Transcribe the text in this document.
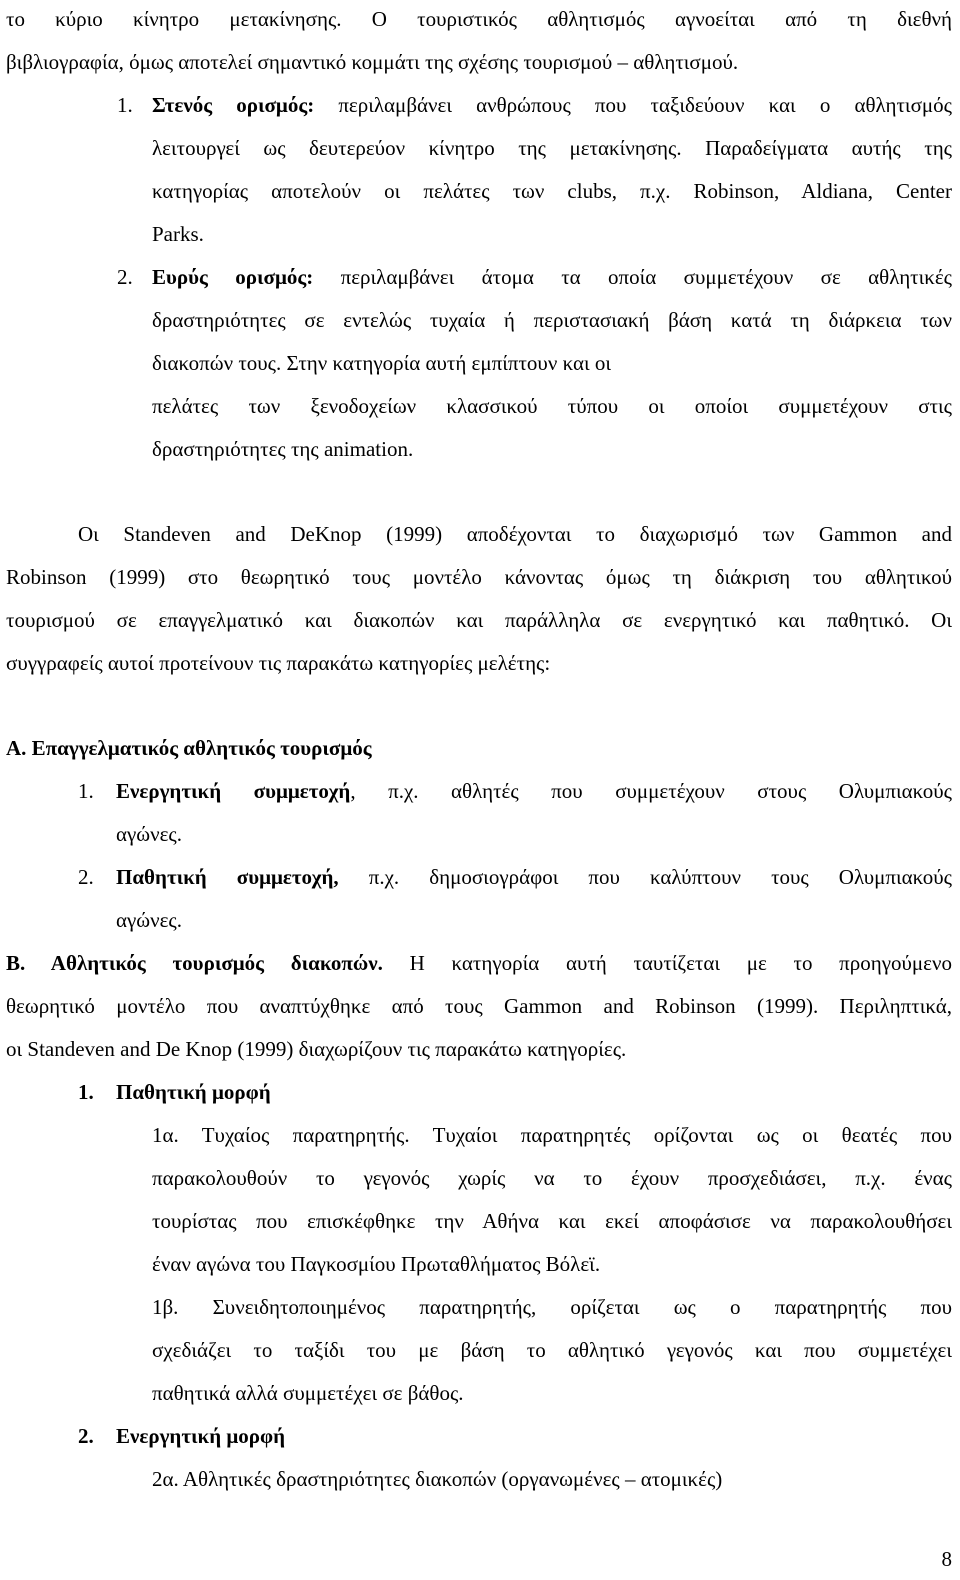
το κύριο κίνητρο μετακίνησης. Ο τουριστικός αθλητισμός αγνοείται από τη διεθνή
βιβλιογραφία, όμως αποτελεί σημαντικό κομμάτι της σχέσης τουρισμού – αθλητισμού.
1. Στενός ορισμός: περιλαμβάνει ανθρώπους που ταξιδεύουν και ο αθλητισμός
λειτουργεί ως δευτερεύον κίνητρο της μετακίνησης. Παραδείγματα αυτής της
κατηγορίας αποτελούν οι πελάτες των clubs, π.χ. Robinson, Aldiana, Center
Parks.
2. Ευρύς ορισμός: περιλαμβάνει άτομα τα οποία συμμετέχουν σε αθλητικές
δραστηριότητες σε εντελώς τυχαία ή περιστασιακή βάση κατά τη διάρκεια των
διακοπών τους. Στην κατηγορία αυτή εμπίπτουν και οι
πελάτες των ξενοδοχείων κλασσικού τύπου οι οποίοι συμμετέχουν στις
δραστηριότητες της animation.
Οι Standeven and DeKnop (1999) αποδέχονται το διαχωρισμό των Gammon and
Robinson (1999) στο θεωρητικό τους μοντέλο κάνοντας όμως τη διάκριση του αθλητικού
τουρισμού σε επαγγελματικό και διακοπών και παράλληλα σε ενεργητικό και παθητικό. Οι
συγγραφείς αυτοί προτείνουν τις παρακάτω κατηγορίες μελέτης:
Α. Επαγγελματικός αθλητικός τουρισμός
1. Ενεργητική συμμετοχή, π.χ. αθλητές που συμμετέχουν στους Ολυμπιακούς
αγώνες.
2. Παθητική συμμετοχή, π.χ. δημοσιογράφοι που καλύπτουν τους Ολυμπιακούς
αγώνες.
Β. Αθλητικός τουρισμός διακοπών. Η κατηγορία αυτή ταυτίζεται με το προηγούμενο
θεωρητικό μοντέλο που αναπτύχθηκε από τους Gammon and Robinson (1999). Περιληπτικά,
οι Standeven and De Knop (1999) διαχωρίζουν τις παρακάτω κατηγορίες.
1. Παθητική μορφή
1α. Τυχαίος παρατηρητής. Τυχαίοι παρατηρητές ορίζονται ως οι θεατές που
παρακολουθούν το γεγονός χωρίς να το έχουν προσχεδιάσει, π.χ. ένας
τουρίστας που επισκέφθηκε την Αθήνα και εκεί αποφάσισε να παρακολουθήσει
έναν αγώνα του Παγκοσμίου Πρωταθλήματος Βόλεϊ.
1β. Συνειδητοποιημένος παρατηρητής, ορίζεται ως ο παρατηρητής που
σχεδιάζει το ταξίδι του με βάση το αθλητικό γεγονός και που συμμετέχει
παθητικά αλλά συμμετέχει σε βάθος.
2. Ενεργητική μορφή
2α. Αθλητικές δραστηριότητες διακοπών (οργανωμένες – ατομικές)
8
